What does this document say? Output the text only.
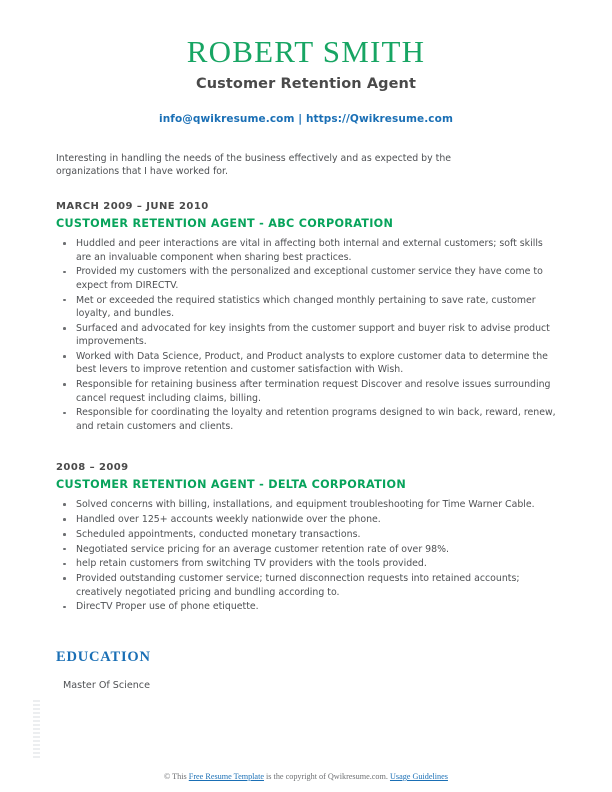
ROBERT SMITH
Customer Retention Agent
info@qwikresume.com | https://Qwikresume.com
Interesting in handling the needs of the business effectively and as expected by the organizations that I have worked for.
MARCH 2009 – JUNE 2010
CUSTOMER RETENTION AGENT - ABC CORPORATION
Huddled and peer interactions are vital in affecting both internal and external customers; soft skills are an invaluable component when sharing best practices.
Provided my customers with the personalized and exceptional customer service they have come to expect from DIRECTV.
Met or exceeded the required statistics which changed monthly pertaining to save rate, customer loyalty, and bundles.
Surfaced and advocated for key insights from the customer support and buyer risk to advise product improvements.
Worked with Data Science, Product, and Product analysts to explore customer data to determine the best levers to improve retention and customer satisfaction with Wish.
Responsible for retaining business after termination request Discover and resolve issues surrounding cancel request including claims, billing.
Responsible for coordinating the loyalty and retention programs designed to win back, reward, renew, and retain customers and clients.
2008 – 2009
CUSTOMER RETENTION AGENT - DELTA CORPORATION
Solved concerns with billing, installations, and equipment troubleshooting for Time Warner Cable.
Handled over 125+ accounts weekly nationwide over the phone.
Scheduled appointments, conducted monetary transactions.
Negotiated service pricing for an average customer retention rate of over 98%.
help retain customers from switching TV providers with the tools provided.
Provided outstanding customer service; turned disconnection requests into retained accounts; creatively negotiated pricing and bundling according to.
DirecTV Proper use of phone etiquette.
EDUCATION
Master Of Science
© This Free Resume Template is the copyright of Qwikresume.com. Usage Guidelines
